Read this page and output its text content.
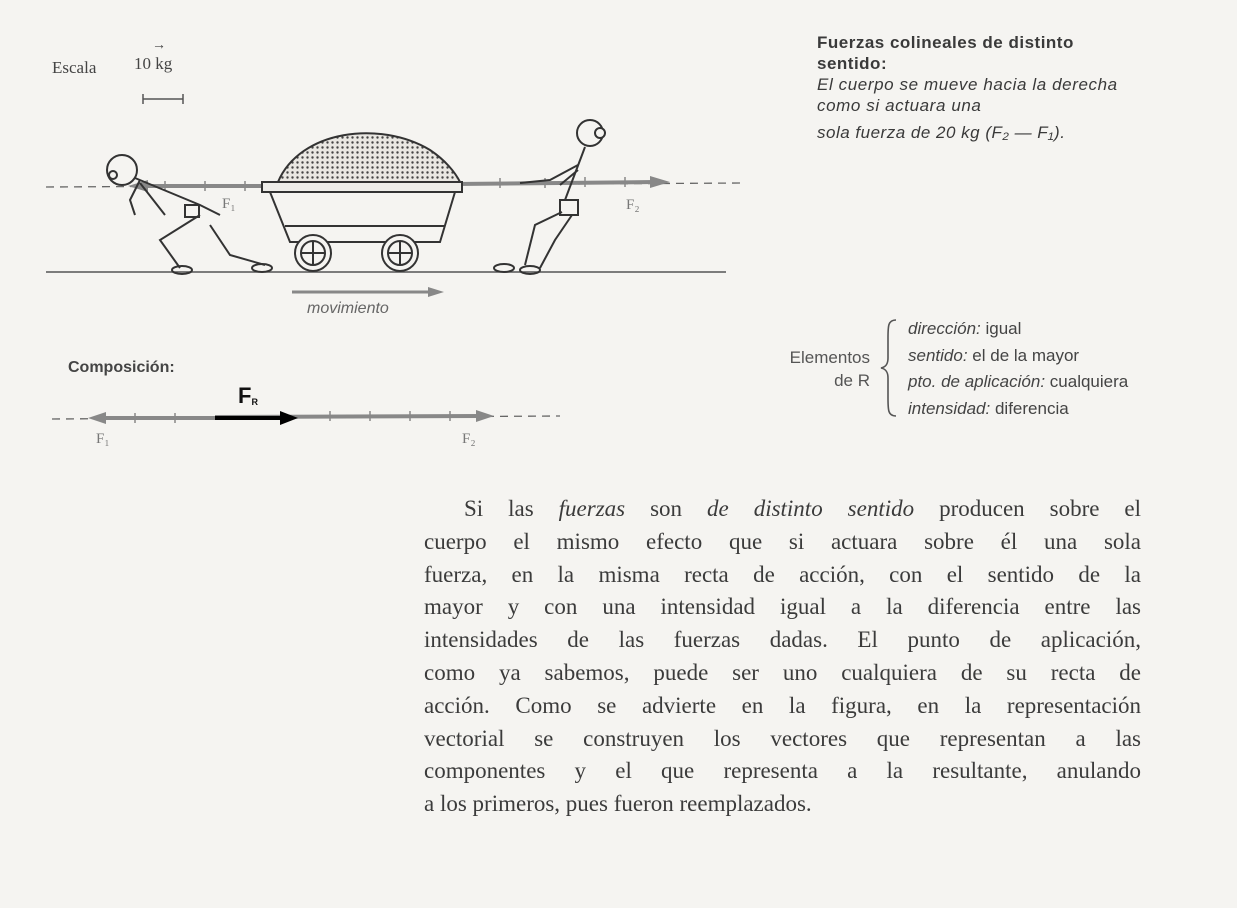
Escala
→ 10 kg
Fuerzas colineales de distinto sentido:
El cuerpo se mueve hacia la derecha como si actuara una
sola fuerza de 20 kg (F₂ — F₁).
F₁	F₂
movimiento
Composición:
$F_R$
F₁	F₂
Elementos
de R
dirección: igual
sentido: el de la mayor
pto. de aplicación: cualquiera
intensidad: diferencia
Si las fuerzas son de distinto sentido producen sobre el
cuerpo el mismo efecto que si actuara sobre él una sola
fuerza, en la misma recta de acción, con el sentido de la
mayor y con una intensidad igual a la diferencia entre las
intensidades de las fuerzas dadas. El punto de aplicación,
como ya sabemos, puede ser uno cualquiera de su recta de
acción. Como se advierte en la figura, en la representación
vectorial se construyen los vectores que representan a las
componentes y el que representa a la resultante, anulando
a los primeros, pues fueron reemplazados.
